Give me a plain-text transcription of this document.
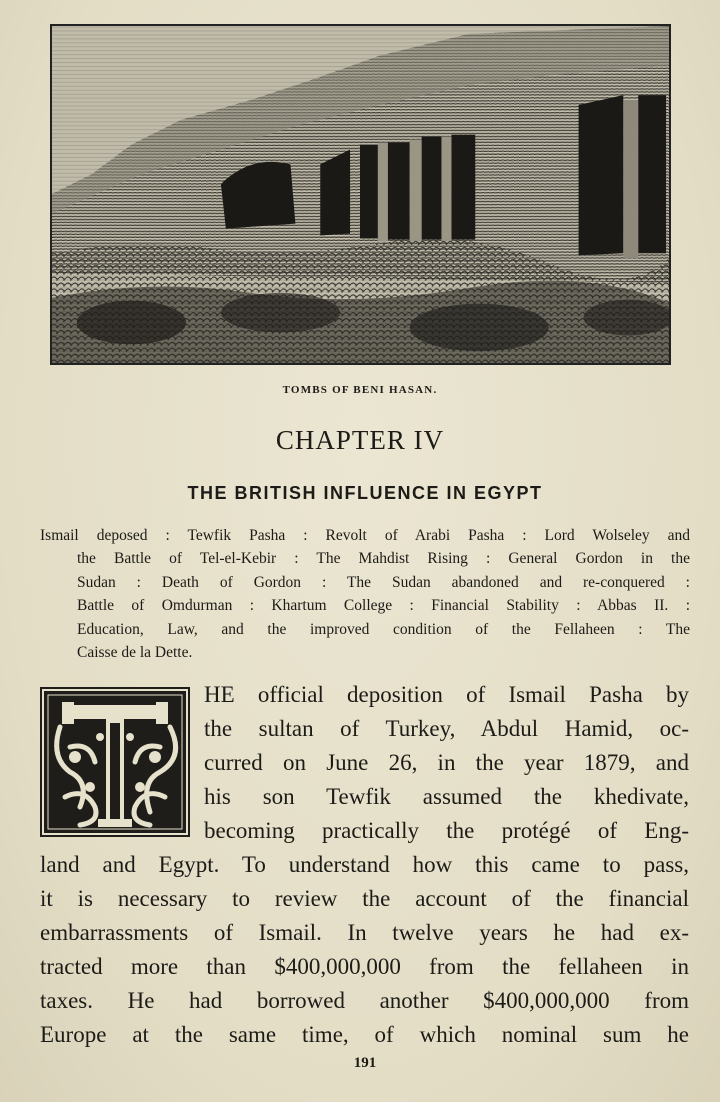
TOMBS OF BENI HASAN.
CHAPTER IV
THE BRITISH INFLUENCE IN EGYPT
Ismail deposed : Tewfik Pasha : Revolt of Arabi Pasha : Lord Wolseley and
the Battle of Tel-el-Kebir : The Mahdist Rising : General Gordon in the
Sudan : Death of Gordon : The Sudan abandoned and re-conquered :
Battle of Omdurman : Khartum College : Financial Stability : Abbas II. :
Education, Law, and the improved condition of the Fellaheen : The
Caisse de la Dette.
HE official deposition of Ismail Pasha by
the sultan of Turkey, Abdul Hamid, oc-
curred on June 26, in the year 1879, and
his son Tewfik assumed the khedivate,
becoming practically the protégé of Eng-
land and Egypt. To understand how this came to pass,
it is necessary to review the account of the financial
embarrassments of Ismail. In twelve years he had ex-
tracted more than $400,000,000 from the fellaheen in
taxes. He had borrowed another $400,000,000 from
Europe at the same time, of which nominal sum he
191
